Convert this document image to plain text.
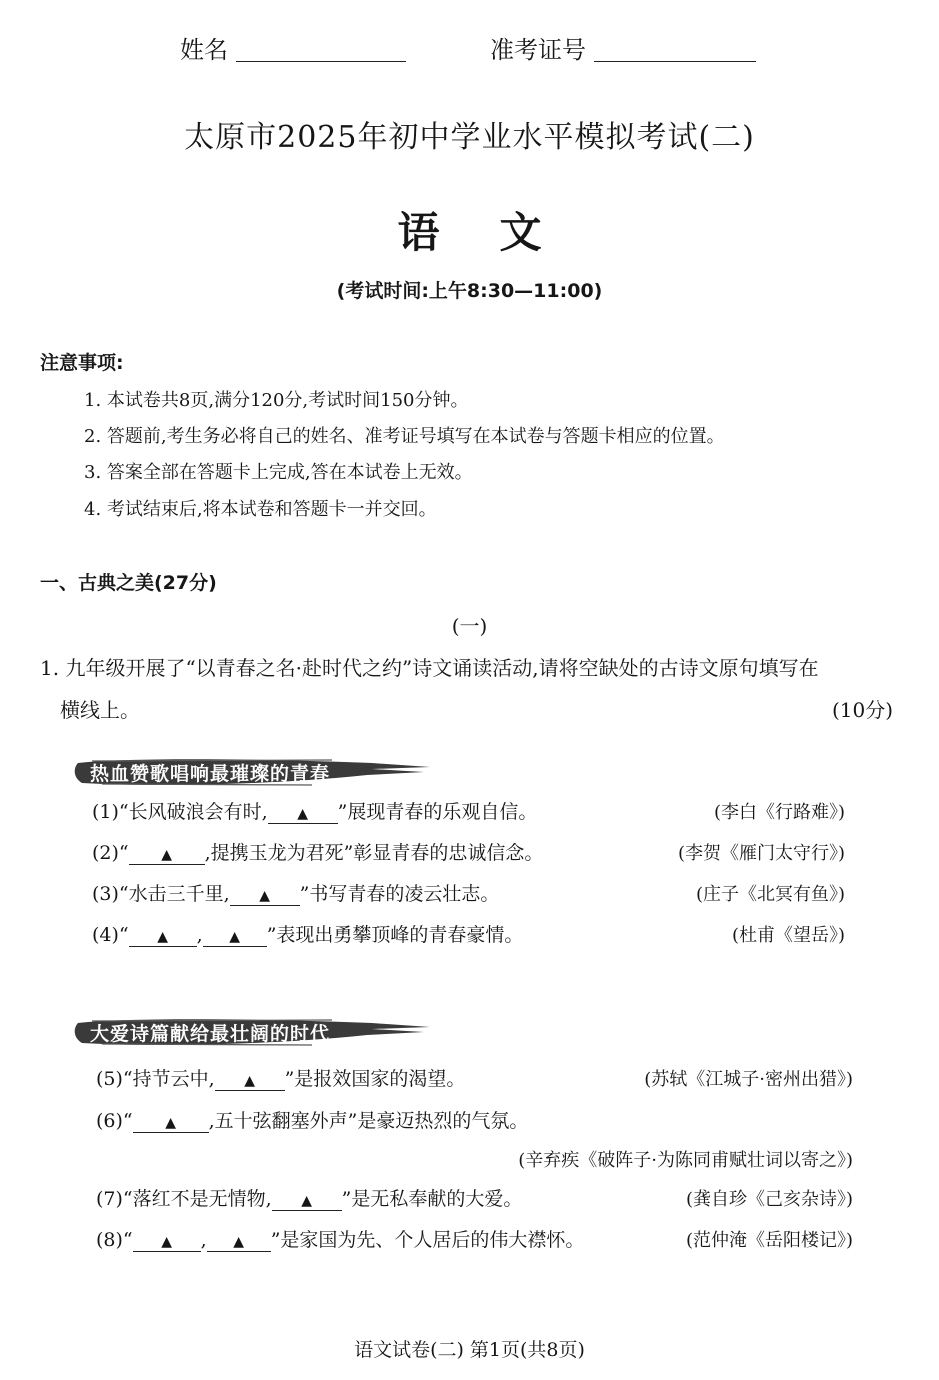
姓名	准考证号
太原市2025年初中学业水平模拟考试(二)
语文
(考试时间:上午8:30—11:00)
注意事项:
1. 本试卷共8页,满分120分,考试时间150分钟。
2. 答题前,考生务必将自己的姓名、准考证号填写在本试卷与答题卡相应的位置。
3. 答案全部在答题卡上完成,答在本试卷上无效。
4. 考试结束后,将本试卷和答题卡一并交回。
一、古典之美(27分)
(一)
1. 九年级开展了“以青春之名·赴时代之约”诗文诵读活动,请将空缺处的古诗文原句填写在
横线上。	(10分)
热血赞歌唱响最璀璨的青春
(1)“长风破浪会有时, ▲ ”展现青春的乐观自信。	(李白《行路难》)
(2)“ ▲ ,提携玉龙为君死”彰显青春的忠诚信念。	(李贺《雁门太守行》)
(3)“水击三千里, ▲ ”书写青春的凌云壮志。	(庄子《北冥有鱼》)
(4)“ ▲ , ▲ ”表现出勇攀顶峰的青春豪情。	(杜甫《望岳》)
大爱诗篇献给最壮阔的时代
(5)“持节云中, ▲ ”是报效国家的渴望。	(苏轼《江城子·密州出猎》)
(6)“ ▲ ,五十弦翻塞外声”是豪迈热烈的气氛。
(辛弃疾《破阵子·为陈同甫赋壮词以寄之》)
(7)“落红不是无情物, ▲ ”是无私奉献的大爱。	(龚自珍《己亥杂诗》)
(8)“ ▲ , ▲ ”是家国为先、个人居后的伟大襟怀。	(范仲淹《岳阳楼记》)
语文试卷(二) 第1页(共8页)
